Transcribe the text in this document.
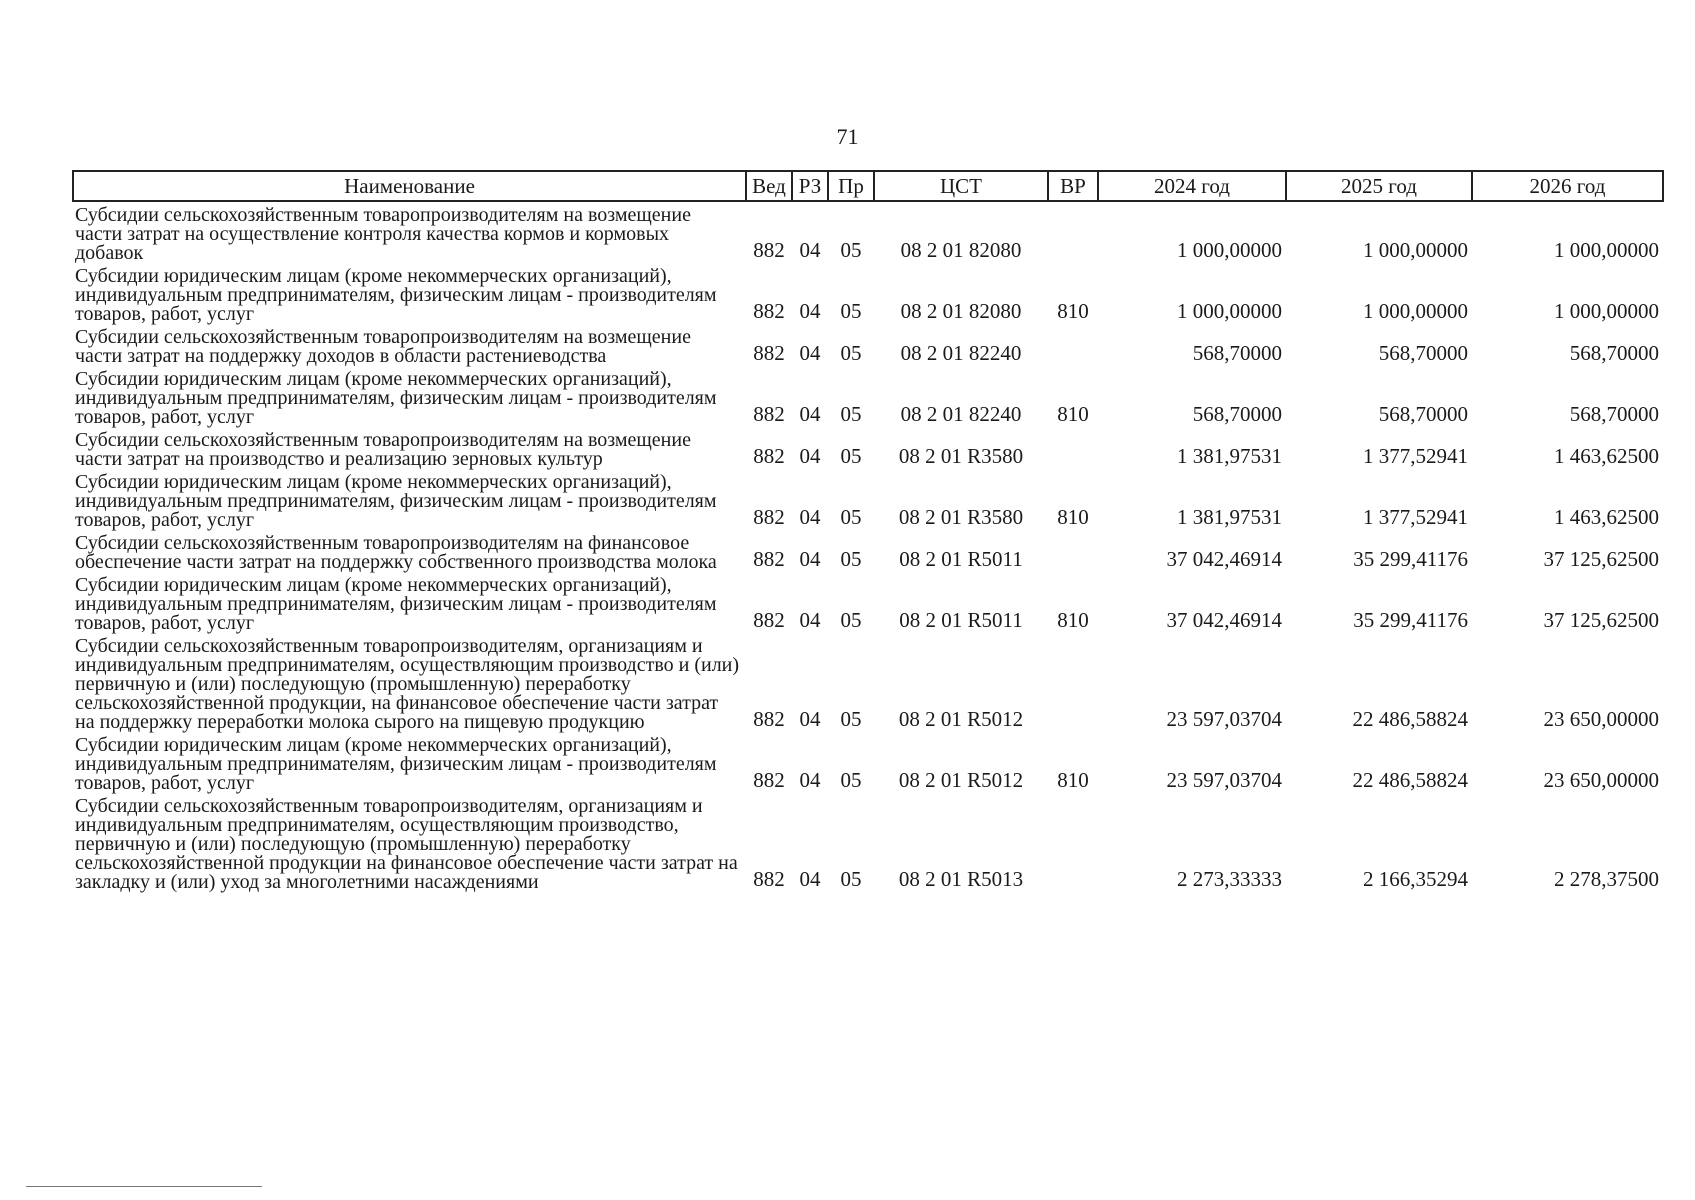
71
Наименование	Вед	РЗ	Пр	ЦСТ	ВР	2024 год	2025 год	2026 год
Субсидии сельскохозяйственным товаропроизводителям на возмещение части затрат на осуществление контроля качества кормов и кормовых добавок	882	04	05	08 2 01 82080		1 000,00000	1 000,00000	1 000,00000
Субсидии юридическим лицам (кроме некоммерческих организаций), индивидуальным предпринимателям, физическим лицам - производителям товаров, работ, услуг	882	04	05	08 2 01 82080	810	1 000,00000	1 000,00000	1 000,00000
Субсидии сельскохозяйственным товаропроизводителям на возмещение части затрат на поддержку доходов в области растениеводства	882	04	05	08 2 01 82240		568,70000	568,70000	568,70000
Субсидии юридическим лицам (кроме некоммерческих организаций), индивидуальным предпринимателям, физическим лицам - производителям товаров, работ, услуг	882	04	05	08 2 01 82240	810	568,70000	568,70000	568,70000
Субсидии сельскохозяйственным товаропроизводителям на возмещение части затрат на производство и реализацию зерновых культур	882	04	05	08 2 01 R3580		1 381,97531	1 377,52941	1 463,62500
Субсидии юридическим лицам (кроме некоммерческих организаций), индивидуальным предпринимателям, физическим лицам - производителям товаров, работ, услуг	882	04	05	08 2 01 R3580	810	1 381,97531	1 377,52941	1 463,62500
Субсидии сельскохозяйственным товаропроизводителям на финансовое обеспечение части затрат на поддержку собственного производства молока	882	04	05	08 2 01 R5011		37 042,46914	35 299,41176	37 125,62500
Субсидии юридическим лицам (кроме некоммерческих организаций), индивидуальным предпринимателям, физическим лицам - производителям товаров, работ, услуг	882	04	05	08 2 01 R5011	810	37 042,46914	35 299,41176	37 125,62500
Субсидии сельскохозяйственным товаропроизводителям, организациям и индивидуальным предпринимателям, осуществляющим производство и (или) первичную и (или) последующую (промышленную) переработку сельскохозяйственной продукции, на финансовое обеспечение части затрат на поддержку переработки молока сырого на пищевую продукцию	882	04	05	08 2 01 R5012		23 597,03704	22 486,58824	23 650,00000
Субсидии юридическим лицам (кроме некоммерческих организаций), индивидуальным предпринимателям, физическим лицам - производителям товаров, работ, услуг	882	04	05	08 2 01 R5012	810	23 597,03704	22 486,58824	23 650,00000
Субсидии сельскохозяйственным товаропроизводителям, организациям и индивидуальным предпринимателям, осуществляющим производство, первичную и (или) последующую (промышленную) переработку сельскохозяйственной продукции на финансовое обеспечение части затрат на закладку и (или) уход за многолетними насаждениями	882	04	05	08 2 01 R5013		2 273,33333	2 166,35294	2 278,37500
